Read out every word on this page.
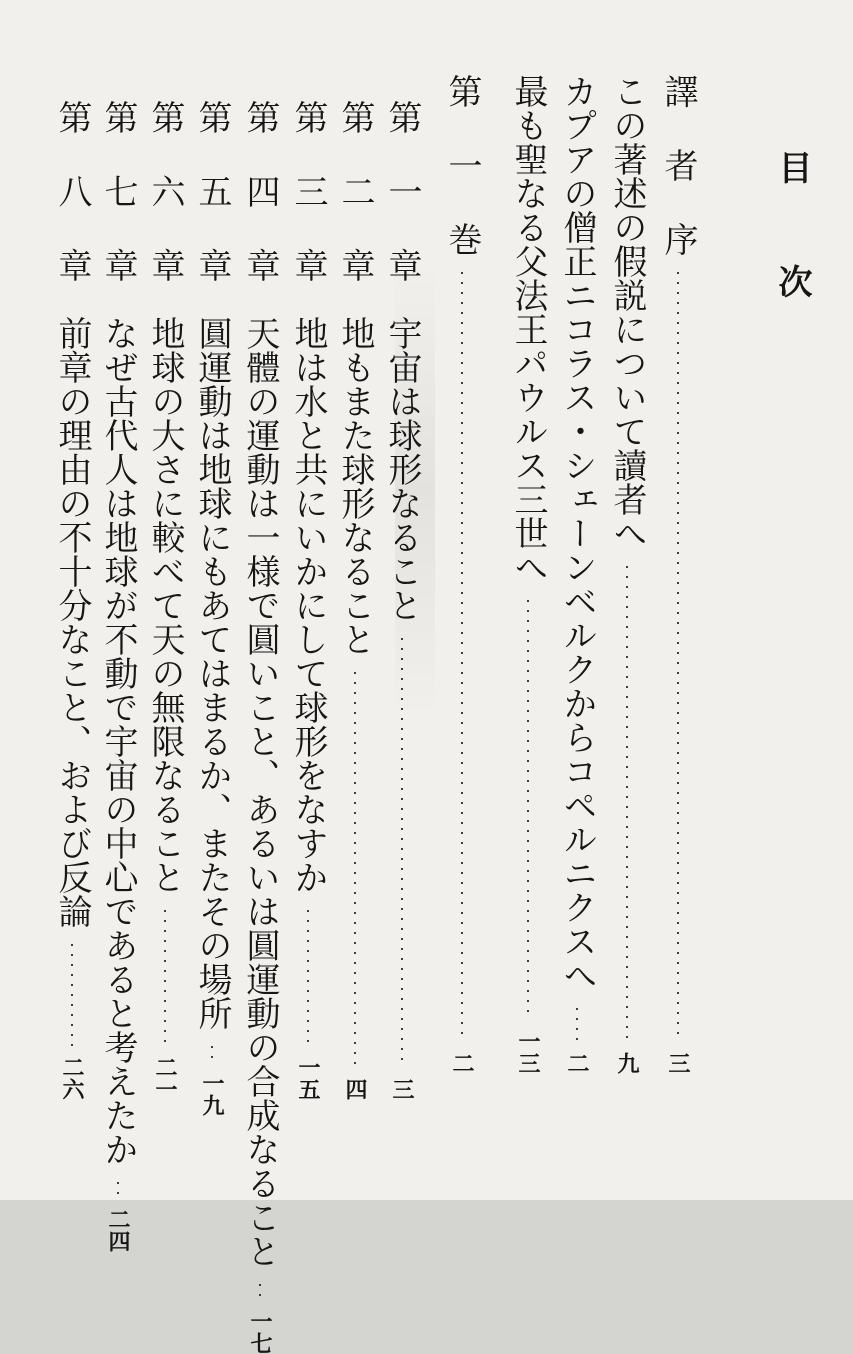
目 次
譯 者 序
三
この著述の假説について讀者へ
九
カプアの僧正ニコラス・シェーンベルクからコペルニクスへ
二
最も聖なる父法王パウルス三世へ
一三
第 一 巻
二
第 一 章　宇宙は球形なること
三
第 二 章　地もまた球形なること
四
第 三 章　地は水と共にいかにして球形をなすか
一五
第 四 章　天體の運動は一様で圓いこと、あるいは圓運動の合成なること
一七
第 五 章　圓運動は地球にもあてはまるか、またその場所
一九
第 六 章　地球の大さに較べて天の無限なること
二一
第 七 章　なぜ古代人は地球が不動で宇宙の中心であると考えたか
二四
第 八 章　前章の理由の不十分なこと、および反論
二六
